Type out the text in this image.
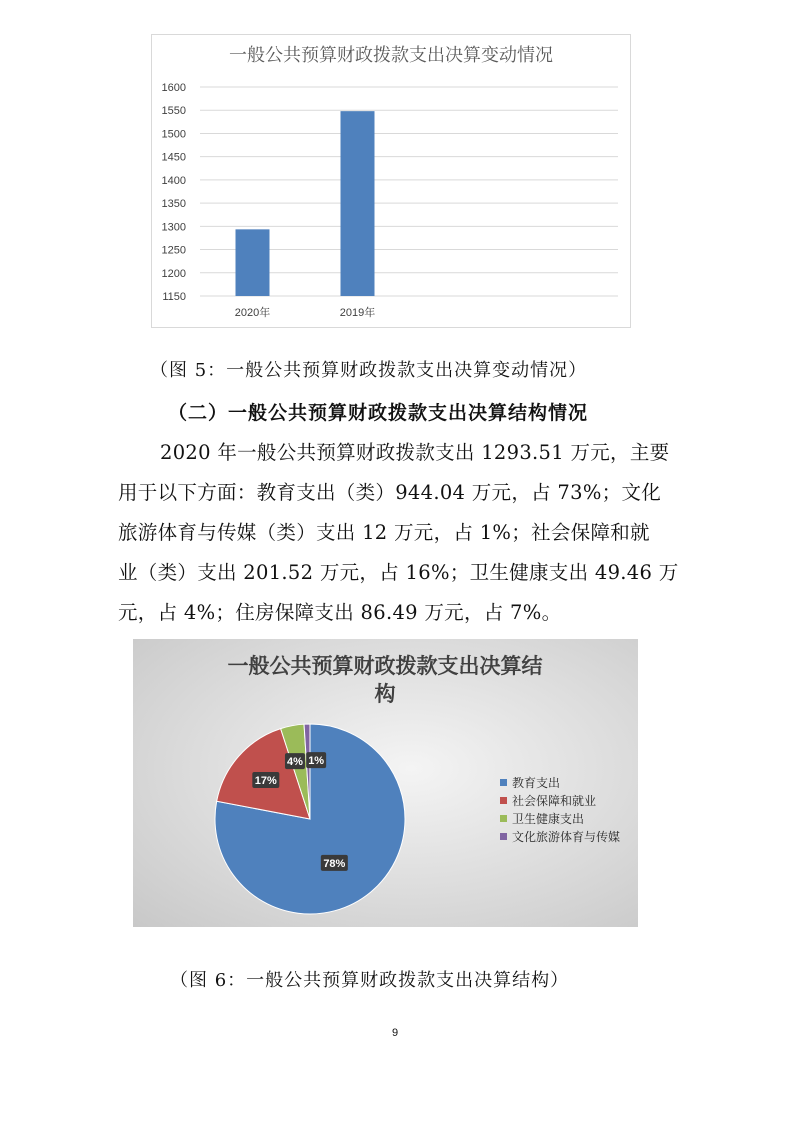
一般公共预算财政拨款支出决算变动情况
1600
1550
1500
1450
1400
1350
1300
1250
1200
1150
2020年	2019年
（图 5：一般公共预算财政拨款支出决算变动情况）
（二）一般公共预算财政拨款支出决算结构情况
2020 年一般公共预算财政拨款支出 1293.51 万元，主要
用于以下方面：教育支出（类）944.04 万元，占 73%；文化
旅游体育与传媒（类）支出 12 万元，占 1%；社会保障和就
业（类）支出 201.52 万元，占 16%；卫生健康支出 49.46 万
元，占 4%；住房保障支出 86.49 万元，占 7%。
一般公共预算财政拨款支出决算结
构
78%
17%
4% 1%
教育支出
社会保障和就业
卫生健康支出
文化旅游体育与传媒
（图 6：一般公共预算财政拨款支出决算结构）
9
